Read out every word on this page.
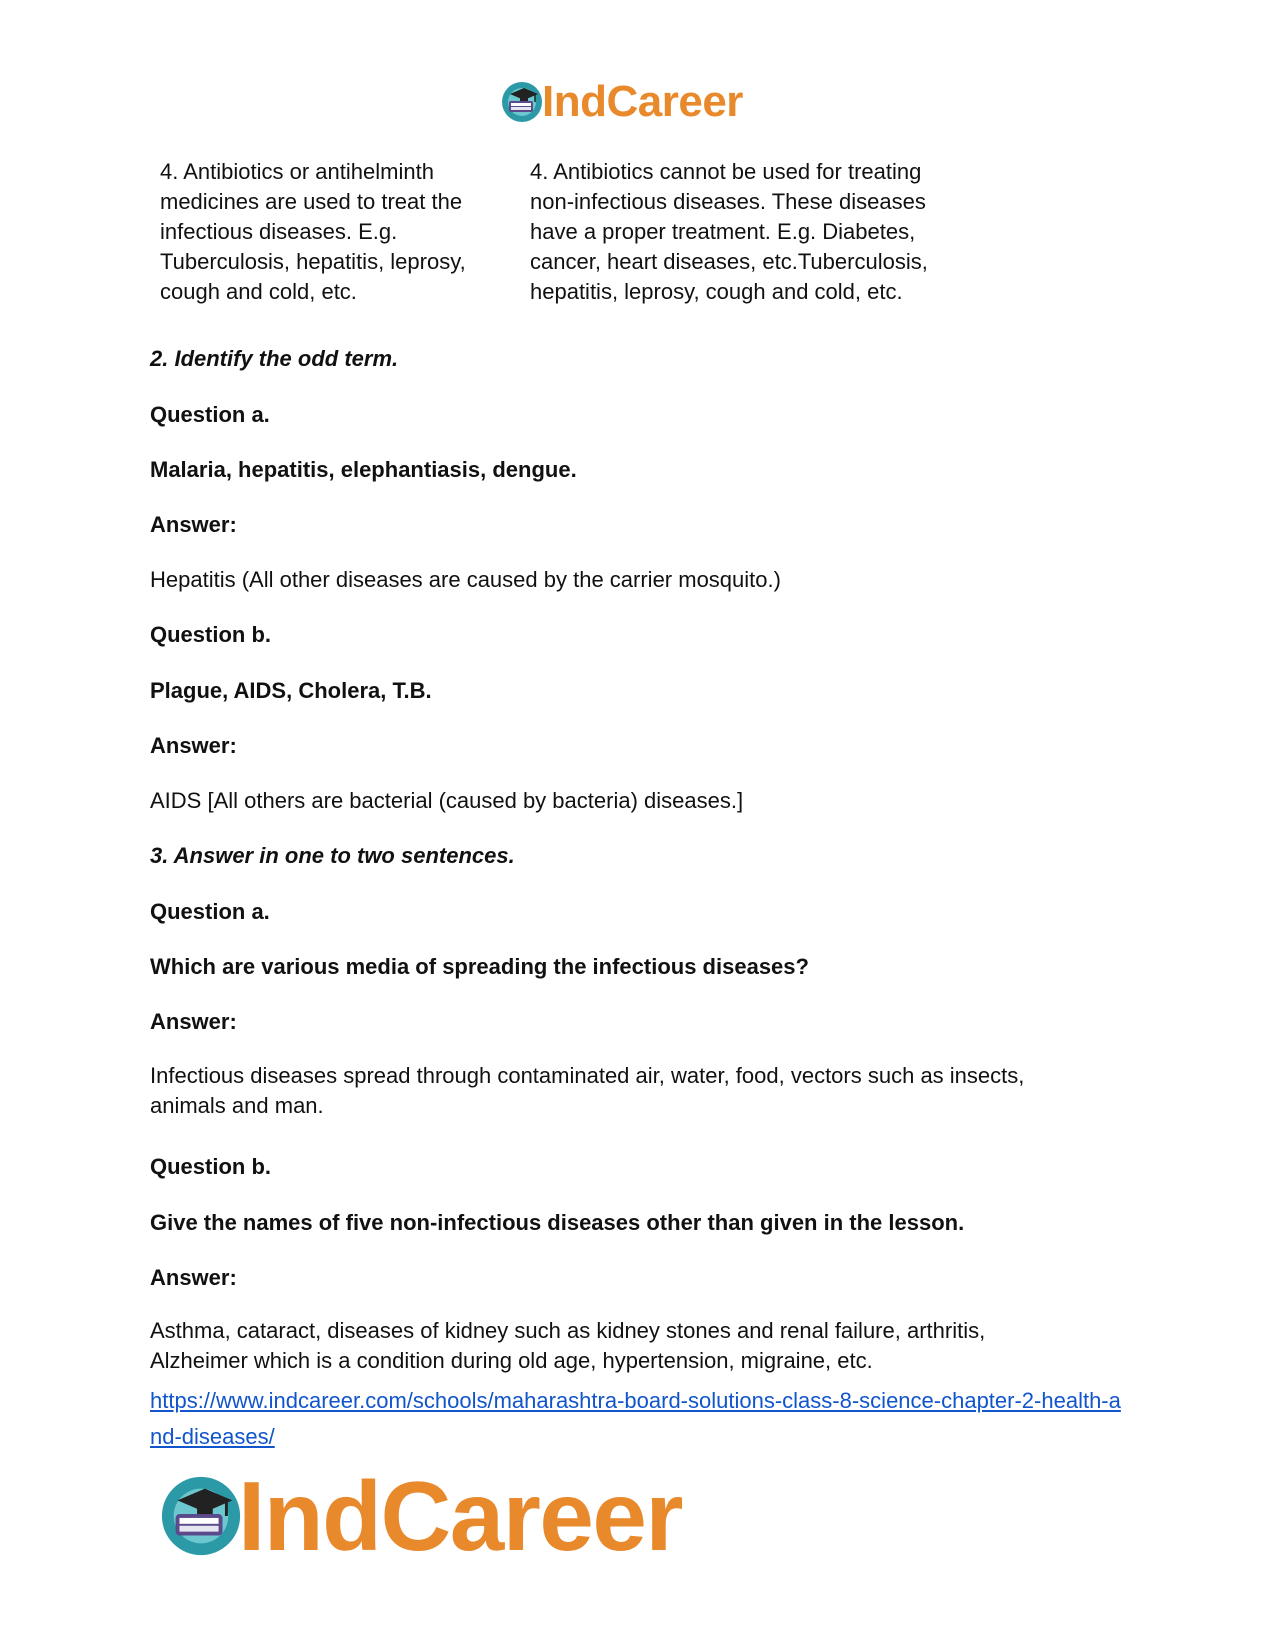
IndCareer
4. Antibiotics or antihelminth medicines are used to treat the infectious diseases. E.g. Tuberculosis, hepatitis, leprosy, cough and cold, etc.
4. Antibiotics cannot be used for treating non-infectious diseases. These diseases have a proper treatment. E.g. Diabetes, cancer, heart diseases, etc.Tuberculosis, hepatitis, leprosy, cough and cold, etc.
2. Identify the odd term.
Question a.
Malaria, hepatitis, elephantiasis, dengue.
Answer:
Hepatitis (All other diseases are caused by the carrier mosquito.)
Question b.
Plague, AIDS, Cholera, T.B.
Answer:
AIDS [All others are bacterial (caused by bacteria) diseases.]
3. Answer in one to two sentences.
Question a.
Which are various media of spreading the infectious diseases?
Answer:
Infectious diseases spread through contaminated air, water, food, vectors such as insects, animals and man.
Question b.
Give the names of five non-infectious diseases other than given in the lesson.
Answer:
Asthma, cataract, diseases of kidney such as kidney stones and renal failure, arthritis, Alzheimer which is a condition during old age, hypertension, migraine, etc.
https://www.indcareer.com/schools/maharashtra-board-solutions-class-8-science-chapter-2-health-and-diseases/
IndCareer
